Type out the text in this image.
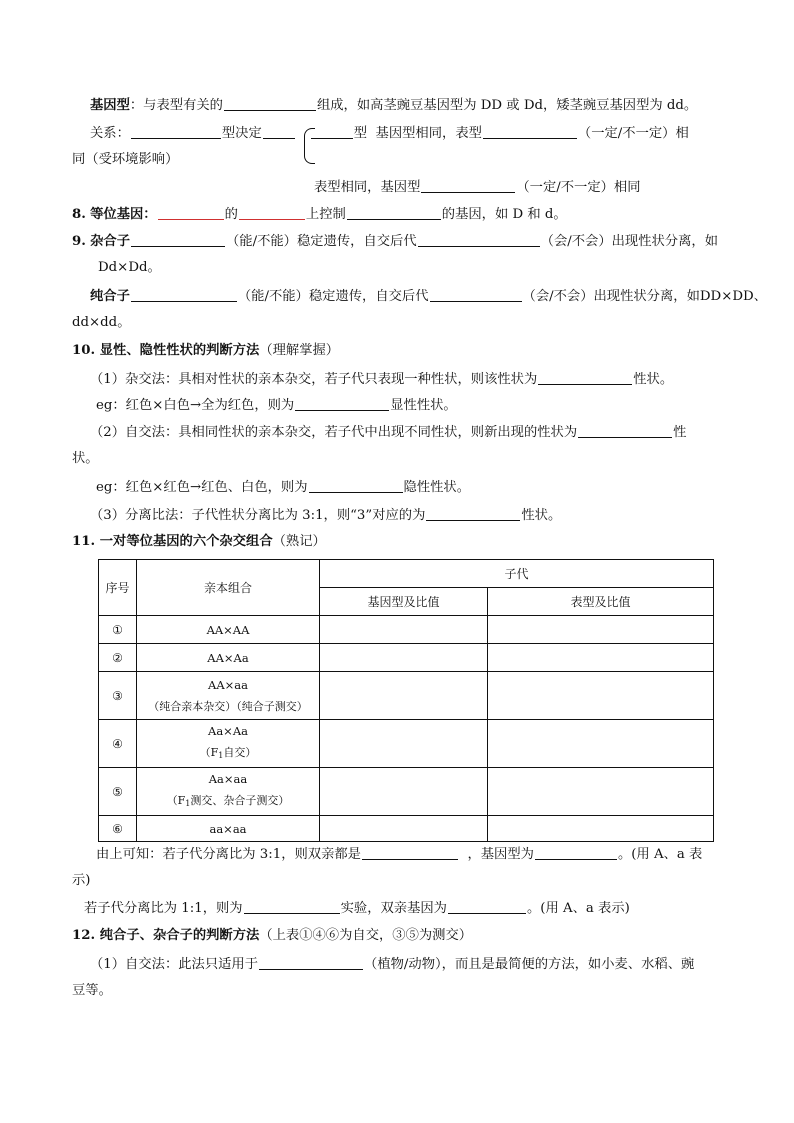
基因型：与表型有关的	组成，如高茎豌豆基因型为 DD 或 Dd，矮茎豌豆基因型为 dd。
关系：	型决定	型 基因型相同，表型	（一定/不一定）相
同（受环境影响）
表型相同，基因型	（一定/不一定）相同
8. 等位基因：	的	上控制	的基因，如 D 和 d。
9. 杂合子	（能/不能）稳定遗传，自交后代	（会/不会）出现性状分离，如
Dd×Dd。
纯合子	（能/不能）稳定遗传，自交后代	（会/不会）出现性状分离，如DD×DD、
dd×dd。
10. 显性、隐性性状的判断方法（理解掌握）
（1）杂交法：具相对性状的亲本杂交，若子代只表现一种性状，则该性状为	性状。
eg：红色×白色→全为红色，则为	显性性状。
（2）自交法：具相同性状的亲本杂交，若子代中出现不同性状，则新出现的性状为	性
状。
eg：红色×红色→红色、白色，则为	隐性性状。
（3）分离比法：子代性状分离比为 3:1，则“3”对应的为	性状。
11. 一对等位基因的六个杂交组合（熟记）
序号	亲本组合	子代	
		基因型及比值	表型及比值
①	AA×AA		
②	AA×Aa		
③	AA×aa
（纯合亲本杂交）（纯合子测交）		

④	Aa×Aa
（$F_1$自交）		

⑤	Aa×aa
（$F_1$测交、杂合子测交）		

⑥	aa×aa		
由上可知：若子代分离比为 3:1，则双亲都是	，基因型为	。(用 A、a 表
示)
若子代分离比为 1:1，则为	实验，双亲基因为	。(用 A、a 表示)
12. 纯合子、杂合子的判断方法（上表①④⑥为自交，③⑤为测交）
（1）自交法：此法只适用于	（植物/动物），而且是最简便的方法，如小麦、水稻、豌
豆等。
